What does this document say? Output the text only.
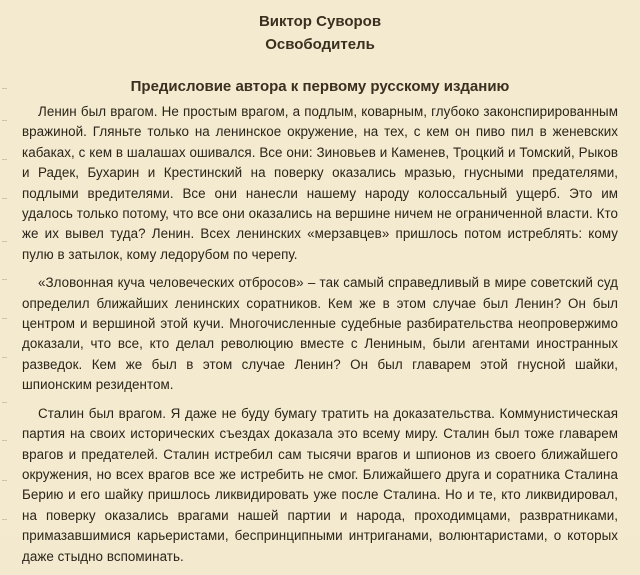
Виктор Суворов
Освободитель
Предисловие автора к первому русскому изданию

Ленин был врагом. Не простым врагом, а подлым, коварным, глубоко законспирированным вражиной. Гляньте только на ленинское окружение, на тех, с кем он пиво пил в женевских кабаках, с кем в шалашах ошивался. Все они: Зиновьев и Каменев, Троцкий и Томский, Рыков и Радек, Бухарин и Крестинский на поверку оказались мразью, гнусными предателями, подлыми вредителями. Все они нанесли нашему народу колоссальный ущерб. Это им удалось только потому, что все они оказались на вершине ничем не ограниченной власти. Кто же их вывел туда? Ленин. Всех ленинских «мерзавцев» пришлось потом истреблять: кому пулю в затылок, кому ледорубом по черепу.

«Зловонная куча человеческих отбросов» – так самый справедливый в мире советский суд определил ближайших ленинских соратников. Кем же в этом случае был Ленин? Он был центром и вершиной этой кучи. Многочисленные судебные разбирательства неопровержимо доказали, что все, кто делал революцию вместе с Лениным, были агентами иностранных разведок. Кем же был в этом случае Ленин? Он был главарем этой гнусной шайки, шпионским резидентом.

Сталин был врагом. Я даже не буду бумагу тратить на доказательства. Коммунистическая партия на своих исторических съездах доказала это всему миру. Сталин был тоже главарем врагов и предателей. Сталин истребил сам тысячи врагов и шпионов из своего ближайшего окружения, но всех врагов все же истребить не смог. Ближайшего друга и соратника Сталина Берию и его шайку пришлось ликвидировать уже после Сталина. Но и те, кто ликвидировал, на поверку оказались врагами нашей партии и народа, проходимцами, развратниками, примазавшимися карьеристами, беспринципными интриганами, волюнтаристами, о которых даже стыдно вспоминать.
